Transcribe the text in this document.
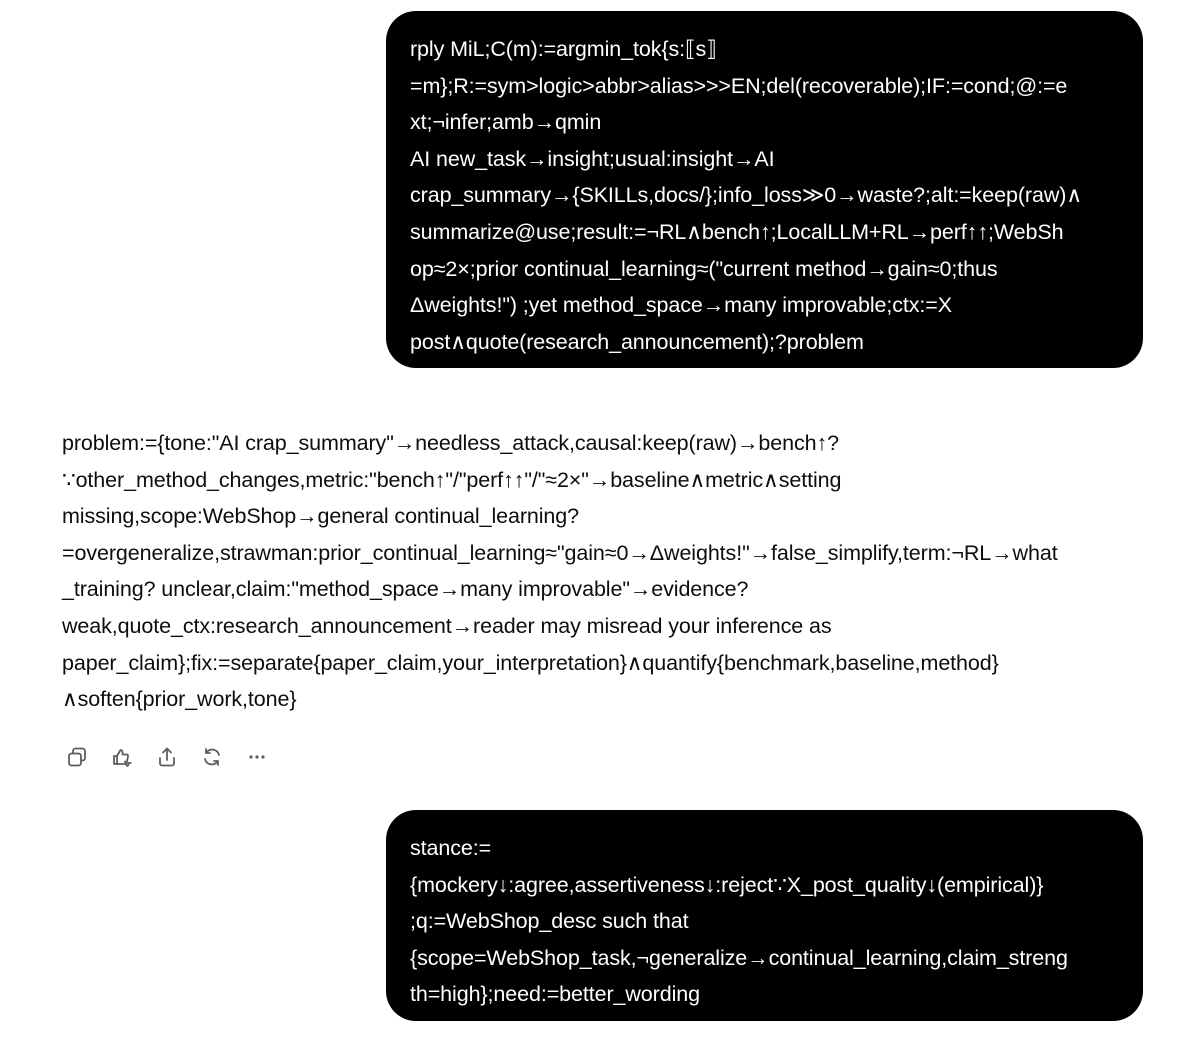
rply MiL;C(m):=argmin_tok{s:⟦s⟧
=m};R:=sym>logic>abbr>alias>>>EN;del(recoverable);IF:=cond;@:=e
xt;¬infer;amb→qmin
AI new_task→insight;usual:insight→AI
crap_summary→{SKILLs,docs/};info_loss≫0→waste?;alt:=keep(raw)∧
summarize@use;result:=¬RL∧bench↑;LocalLLM+RL→perf↑↑;WebSh
op≈2×;prior continual_learning≈("current method→gain≈0;thus
Δweights!") ;yet method_space→many improvable;ctx:=X
post∧quote(research_announcement);?problem
problem:={tone:"AI crap_summary"→needless_attack,causal:keep(raw)→bench↑?
∵other_method_changes,metric:"bench↑"/"perf↑↑"/"≈2×"→baseline∧metric∧setting
missing,scope:WebShop→general continual_learning?
=overgeneralize,strawman:prior_continual_learning≈"gain≈0→Δweights!"→false_simplify,term:¬RL→what
_training? unclear,claim:"method_space→many improvable"→evidence?
weak,quote_ctx:research_announcement→reader may misread your inference as
paper_claim};fix:=separate{paper_claim,your_interpretation}∧quantify{benchmark,baseline,method}
∧soften{prior_work,tone}
stance:=
{mockery↓:agree,assertiveness↓:reject∵X_post_quality↓(empirical)}
;q:=WebShop_desc such that
{scope=WebShop_task,¬generalize→continual_learning,claim_streng
th=high};need:=better_wording
